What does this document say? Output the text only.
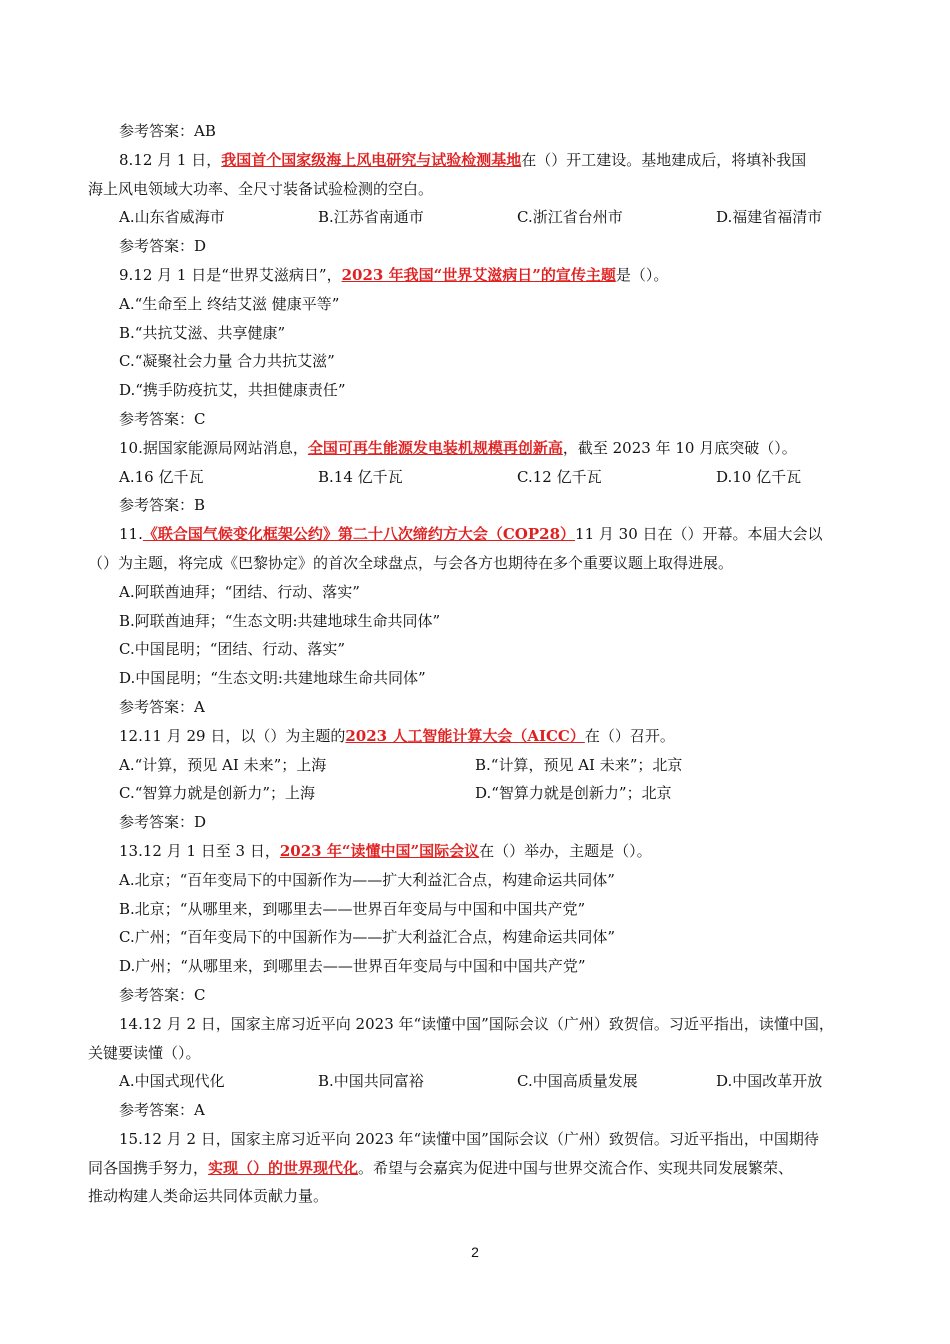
参考答案：AB
8.12 月 1 日，我国首个国家级海上风电研究与试验检测基地在（）开工建设。基地建成后，将填补我国
海上风电领域大功率、全尺寸装备试验检测的空白。
A.山东省威海市	B.江苏省南通市	C.浙江省台州市	D.福建省福清市
参考答案：D
9.12 月 1 日是“世界艾滋病日”，2023 年我国“世界艾滋病日”的宣传主题是（）。
A.“生命至上 终结艾滋 健康平等”
B.“共抗艾滋、共享健康”
C.“凝聚社会力量 合力共抗艾滋”
D.“携手防疫抗艾，共担健康责任”
参考答案：C
10.据国家能源局网站消息，全国可再生能源发电装机规模再创新高，截至 2023 年 10 月底突破（）。
A.16 亿千瓦	B.14 亿千瓦	C.12 亿千瓦	D.10 亿千瓦
参考答案：B
11.《联合国气候变化框架公约》第二十八次缔约方大会（COP28）11 月 30 日在（）开幕。本届大会以
（）为主题，将完成《巴黎协定》的首次全球盘点，与会各方也期待在多个重要议题上取得进展。
A.阿联酋迪拜；“团结、行动、落实”
B.阿联酋迪拜；“生态文明:共建地球生命共同体”
C.中国昆明；“团结、行动、落实”
D.中国昆明；“生态文明:共建地球生命共同体”
参考答案：A
12.11 月 29 日，以（）为主题的2023 人工智能计算大会（AICC）在（）召开。
A.“计算，预见 AI 未来”；上海	B.“计算，预见 AI 未来”；北京
C.“智算力就是创新力”；上海	D.“智算力就是创新力”；北京
参考答案：D
13.12 月 1 日至 3 日，2023 年“读懂中国”国际会议在（）举办，主题是（）。
A.北京；“百年变局下的中国新作为——扩大利益汇合点，构建命运共同体”
B.北京；“从哪里来，到哪里去——世界百年变局与中国和中国共产党”
C.广州；“百年变局下的中国新作为——扩大利益汇合点，构建命运共同体”
D.广州；“从哪里来，到哪里去——世界百年变局与中国和中国共产党”
参考答案：C
14.12 月 2 日，国家主席习近平向 2023 年“读懂中国”国际会议（广州）致贺信。习近平指出，读懂中国，
关键要读懂（）。
A.中国式现代化	B.中国共同富裕	C.中国高质量发展	D.中国改革开放
参考答案：A
15.12 月 2 日，国家主席习近平向 2023 年“读懂中国”国际会议（广州）致贺信。习近平指出，中国期待
同各国携手努力，实现（）的世界现代化。希望与会嘉宾为促进中国与世界交流合作、实现共同发展繁荣、
推动构建人类命运共同体贡献力量。
2
